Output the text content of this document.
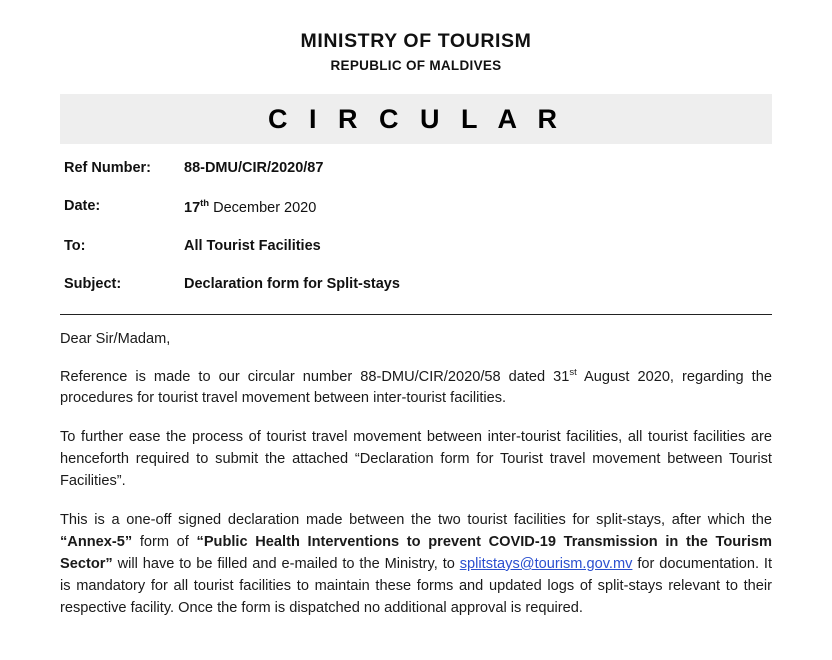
MINISTRY OF TOURISM
REPUBLIC OF MALDIVES
C I R C U L A R
Ref Number:	88-DMU/CIR/2020/87
Date:	17th December 2020
To:	All Tourist Facilities
Subject:	Declaration form for Split-stays

Dear Sir/Madam,

Reference is made to our circular number 88-DMU/CIR/2020/58 dated 31st August 2020, regarding the procedures for tourist travel movement between inter-tourist facilities.

To further ease the process of tourist travel movement between inter-tourist facilities, all tourist facilities are henceforth required to submit the attached “Declaration form for Tourist travel movement between Tourist Facilities”.

This is a one-off signed declaration made between the two tourist facilities for split-stays, after which the “Annex-5” form of “Public Health Interventions to prevent COVID-19 Transmission in the Tourism Sector” will have to be filled and e-mailed to the Ministry, to splitstays@tourism.gov.mv for documentation. It is mandatory for all tourist facilities to maintain these forms and updated logs of split-stays relevant to their respective facility. Once the form is dispatched no additional approval is required.
